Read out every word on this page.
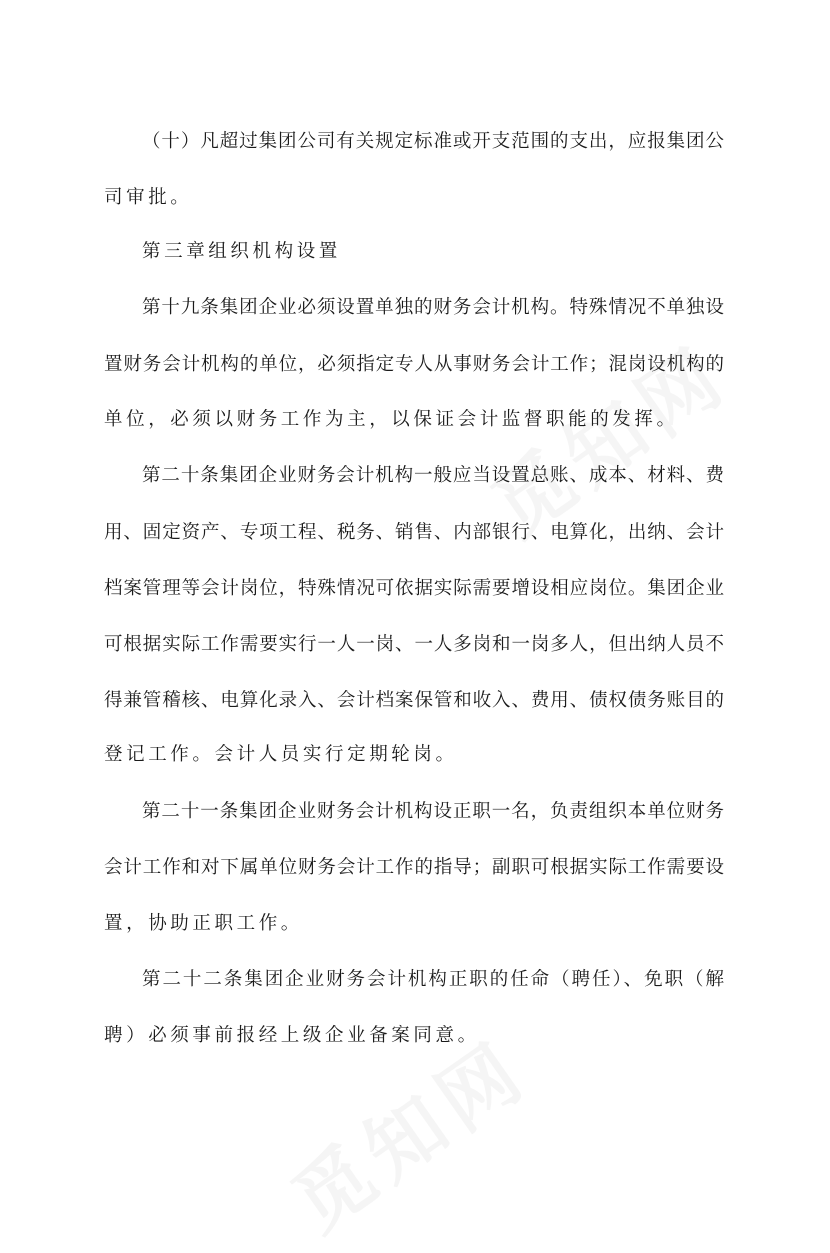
（十）凡超过集团公司有关规定标准或开支范围的支出，应报集团公
司审批。
第三章组织机构设置
第十九条集团企业必须设置单独的财务会计机构。特殊情况不单独设
置财务会计机构的单位，必须指定专人从事财务会计工作；混岗设机构的
单位，必须以财务工作为主，以保证会计监督职能的发挥。
第二十条集团企业财务会计机构一般应当设置总账、成本、材料、费
用、固定资产、专项工程、税务、销售、内部银行、电算化，出纳、会计
档案管理等会计岗位，特殊情况可依据实际需要增设相应岗位。集团企业
可根据实际工作需要实行一人一岗、一人多岗和一岗多人，但出纳人员不
得兼管稽核、电算化录入、会计档案保管和收入、费用、债权债务账目的
登记工作。会计人员实行定期轮岗。
第二十一条集团企业财务会计机构设正职一名，负责组织本单位财务
会计工作和对下属单位财务会计工作的指导；副职可根据实际工作需要设
置，协助正职工作。
第二十二条集团企业财务会计机构正职的任命（聘任）、免职（解
聘）必须事前报经上级企业备案同意。
